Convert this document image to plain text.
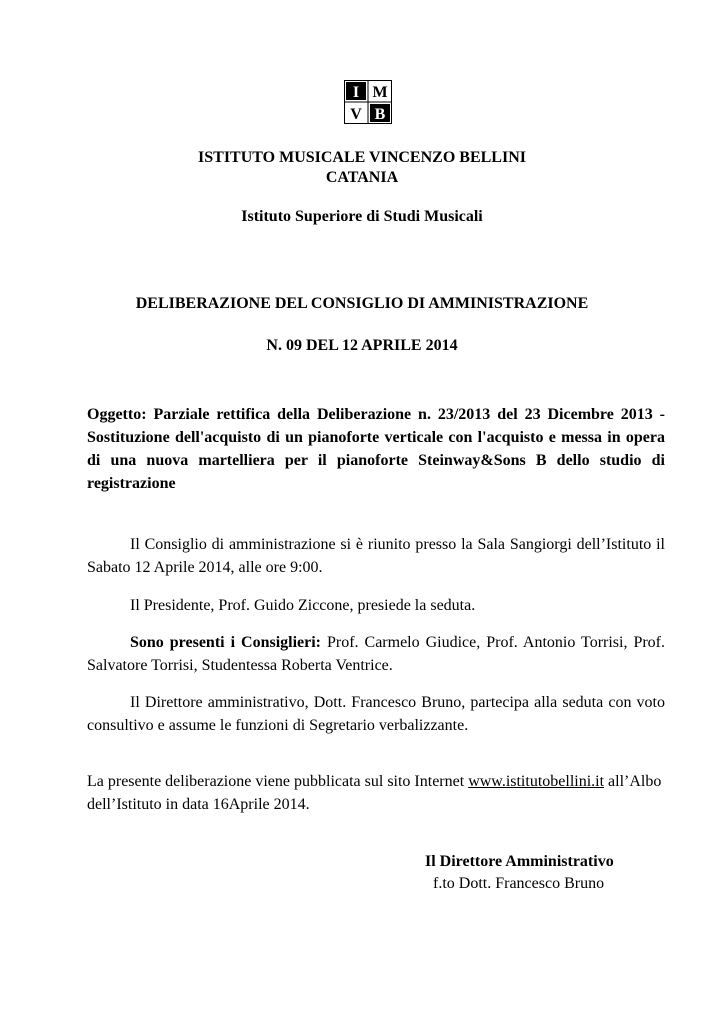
I M
V B
ISTITUTO MUSICALE VINCENZO BELLINI
CATANIA
Istituto Superiore di Studi Musicali
DELIBERAZIONE DEL CONSIGLIO DI AMMINISTRAZIONE
N. 09 DEL 12 APRILE 2014
Oggetto: Parziale rettifica della Deliberazione n. 23/2013 del 23 Dicembre 2013 - Sostituzione dell'acquisto di un pianoforte verticale con l'acquisto e messa in opera di una nuova martelliera per il pianoforte Steinway&Sons B dello studio di registrazione
Il Consiglio di amministrazione si è riunito presso la Sala Sangiorgi dell’Istituto il Sabato 12 Aprile 2014, alle ore 9:00.
Il Presidente, Prof. Guido Ziccone, presiede la seduta.
Sono presenti i Consiglieri: Prof. Carmelo Giudice, Prof. Antonio Torrisi, Prof. Salvatore Torrisi, Studentessa Roberta Ventrice.
Il Direttore amministrativo, Dott. Francesco Bruno, partecipa alla seduta con voto consultivo e assume le funzioni di Segretario verbalizzante.
La presente deliberazione viene pubblicata sul sito Internet www.istitutobellini.it all’Albo dell’Istituto in data 16Aprile 2014.
Il Direttore Amministrativo
f.to Dott. Francesco Bruno
